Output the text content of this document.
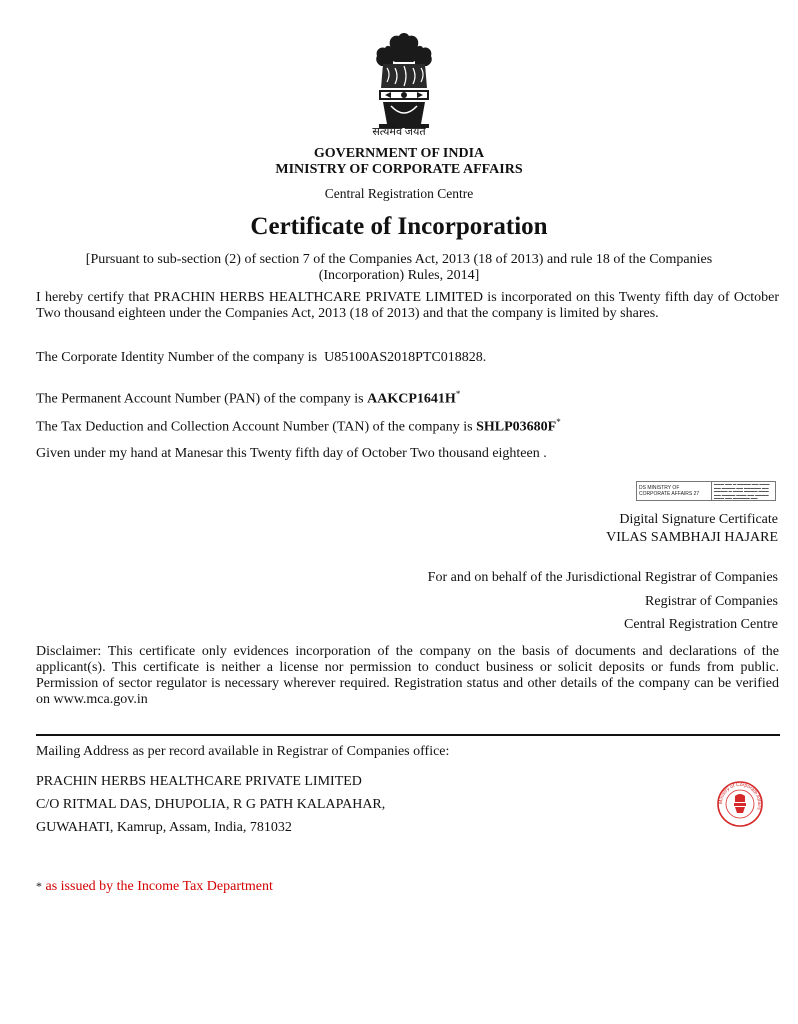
सत्यमेव जयते
GOVERNMENT OF INDIA
MINISTRY OF CORPORATE AFFAIRS
Central Registration Centre
Certificate of Incorporation
[Pursuant to sub-section (2) of section 7 of the Companies Act, 2013 (18 of 2013) and rule 18 of the Companies
(Incorporation) Rules, 2014]
I hereby certify that PRACHIN HERBS HEALTHCARE PRIVATE LIMITED is incorporated on this Twenty fifth day of October Two thousand eighteen under the Companies Act, 2013 (18 of 2013) and that the company is limited by shares.
The Corporate Identity Number of the company is U85100AS2018PTC018828.
The Permanent Account Number (PAN) of the company is AAKCP1641H*
The Tax Deduction and Collection Account Number (TAN) of the company is SHLP03680F*
Given under my hand at Manesar this Twenty fifth day of October Two thousand eighteen .
DS MINISTRY OF
CORPORATE AFFAIRS 27
▬▬▬ ▬▬ ▬ ▬▬▬▬ ▬▬ ▬▬▬
▬▬ ▬▬▬▬ ▬▬ ▬▬▬▬▬ ▬▬
▬▬▬▬ ▬ ▬▬▬ ▬▬▬▬ ▬▬▬
▬▬ ▬▬▬▬ ▬▬▬ ▬▬ ▬▬▬▬
▬▬▬ ▬▬ ▬▬▬▬▬ ▬▬
Digital Signature Certificate
VILAS SAMBHAJI HAJARE
For and on behalf of the Jurisdictional Registrar of Companies
Registrar of Companies
Central Registration Centre
Disclaimer: This certificate only evidences incorporation of the company on the basis of documents and declarations of the applicant(s). This certificate is neither a license nor permission to conduct business or solicit deposits or funds from public. Permission of sector regulator is necessary wherever required. Registration status and other details of the company can be verified on www.mca.gov.in
Mailing Address as per record available in Registrar of Companies office:
PRACHIN HERBS HEALTHCARE PRIVATE LIMITED
C/O RITMAL DAS, DHUPOLIA, R G PATH KALAPAHAR,
GUWAHATI, Kamrup, Assam, India, 781032
Ministry of Corporate Affairs
* as issued by the Income Tax Department
